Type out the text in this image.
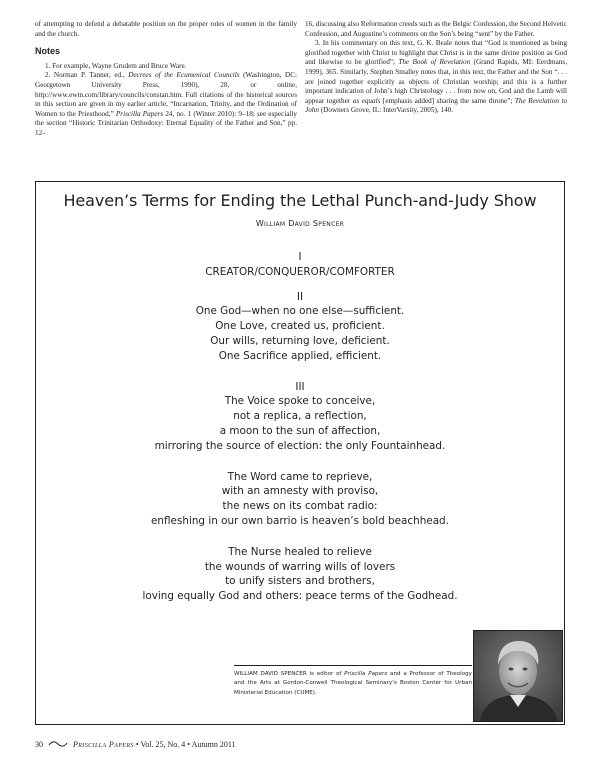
of attempting to defend a debatable position on the proper roles of women in the family and the church.

Notes

1. For example, Wayne Grudem and Bruce Ware.

2. Norman P. Tanner, ed., Decrees of the Ecumenical Councils (Washington, DC: Georgetown University Press, 1990), 28, or online, http://www.ewtn.com/library/councils/constan.htm. Full citations of the historical sources in this section are given in my earlier article, “Incarnation, Trinity, and the Ordination of Women to the Priesthood,” Priscilla Papers 24, no. 1 (Winter 2010): 9–18; see especially the section “Historic Trinitarian Orthodoxy: Eternal Equality of the Father and Son,” pp. 12–

16, discussing also Reformation creeds such as the Belgic Confession, the Second Helvetic Confession, and Augustine’s comments on the Son’s being “sent” by the Father.

3. In his commentary on this text, G. K. Beale notes that “God is mentioned as being glorified together with Christ to highlight that Christ is in the same divine position as God and likewise to be glorified”; The Book of Revelation (Grand Rapids, MI: Eerdmans, 1999), 365. Similarly, Stephen Smalley notes that, in this text, the Father and the Son “. . . are joined together explicitly as objects of Christian worship; and this is a further important indication of John’s high Christology . . . from now on, God and the Lamb will appear together as equals [emphasis added] sharing the same throne”; The Revelation to John (Downers Grove, IL: InterVarsity, 2005), 140.

Heaven’s Terms for Ending the Lethal Punch-and-Judy Show
William David Spencer
I
CREATOR/CONQUEROR/COMFORTER
II
One God—when no one else—sufficient.
One Love, created us, proficient.
Our wills, returning love, deficient.
One Sacrifice applied, efficient.
III
The Voice spoke to conceive,
not a replica, a reflection,
a moon to the sun of affection,
mirroring the source of election: the only Fountainhead.
The Word came to reprieve,
with an amnesty with proviso,
the news on its combat radio:
enfleshing in our own barrio is heaven’s bold beachhead.
The Nurse healed to relieve
the wounds of warring wills of lovers
to unify sisters and brothers,
loving equally God and others: peace terms of the Godhead.
WILLIAM DAVID SPENCER is editor of Priscilla Papers and a Professor of Theology and the Arts at Gordon-Conwell Theological Seminary’s Boston Center for Urban Ministerial Education (CUME).
30	Priscilla Papers • Vol. 25, No. 4 • Autumn 2011
